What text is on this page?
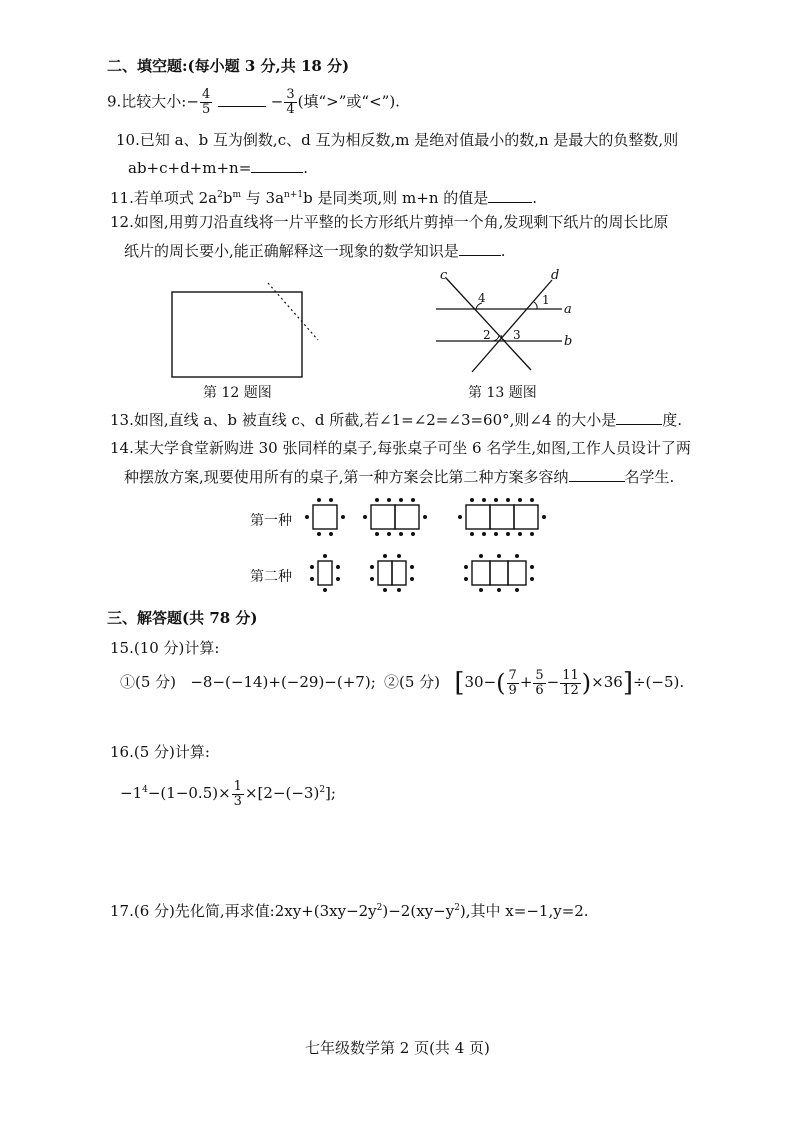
二、填空题:(每小题 3 分,共 18 分)
9.比较大小:− $\frac{4}{5}$	− $\frac{3}{4}$ (填“>”或“<”).
10.已知 a、b 互为倒数,c、d 互为相反数,m 是绝对值最小的数,n 是最大的负整数,则
ab+c+d+m+n=	.
11.若单项式 $2a^2b^m$ 与 $3a^{n+1}b$ 是同类项,则 m+n 的值是	.
12.如图,用剪刀沿直线将一片平整的长方形纸片剪掉一个角,发现剩下纸片的周长比原
纸片的周长要小,能正确解释这一现象的数学知识是	.
第 12 题图
c	d
a
b
1
4
2 3
第 13 题图
13.如图,直线 a、b 被直线 c、d 所截,若∠1=∠2=∠3=60°,则∠4 的大小是	度.
14.某大学食堂新购进 30 张同样的桌子,每张桌子可坐 6 名学生,如图,工作人员设计了两
种摆放方案,现要使用所有的桌子,第一种方案会比第二种方案多容纳	名学生.
第一种
第二种
三、解答题(共 78 分)
15.(10 分)计算:
①(5 分) −8−(−14)+(−29)−(+7); ②(5 分) $[30-( \frac{7}{9} + \frac{5}{6} - \frac{11}{12} )\times 36]\div(-5)$.
16.(5 分)计算:
$-1^4-(1-0.5)\times \frac{1}{3} \times[2-(-3)^2]$;
17.(6 分)先化简,再求值$:2xy+(3xy-2y^2)-2(xy-y^2)$,其中 x=−1,y=2.
七年级数学第 2 页(共 4 页)
